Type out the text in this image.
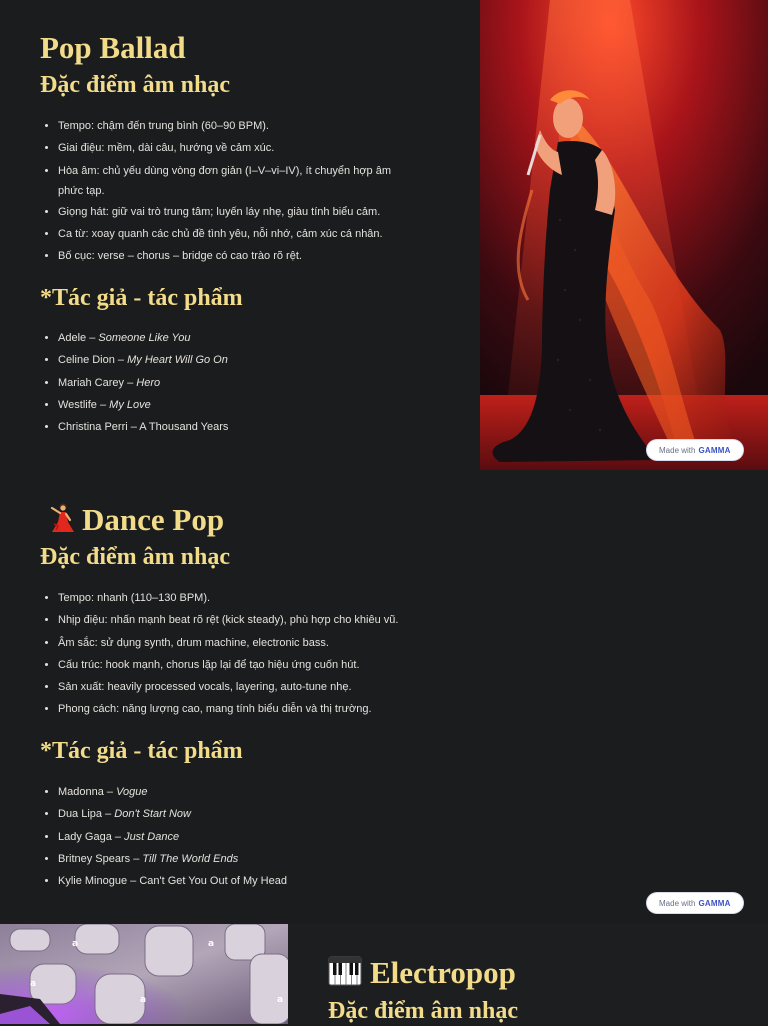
Pop Ballad
Đặc điểm âm nhạc
• Tempo: chậm đến trung bình (60–90 BPM).
• Giai điệu: mềm, dài câu, hướng về cảm xúc.
• Hòa âm: chủ yếu dùng vòng đơn giản (I–V–vi–IV), ít chuyển hợp âm
phức tạp.
• Giọng hát: giữ vai trò trung tâm; luyến láy nhẹ, giàu tính biểu cảm.
• Ca từ: xoay quanh các chủ đề tình yêu, nỗi nhớ, cảm xúc cá nhân.
• Bố cục: verse – chorus – bridge có cao trào rõ rệt.
*Tác giả - tác phẩm
• Adele – Someone Like You
• Celine Dion – My Heart Will Go On
• Mariah Carey – Hero
• Westlife – My Love
• Christina Perri – A Thousand Years
Made with GAMMA
Dance Pop
Đặc điểm âm nhạc
• Tempo: nhanh (110–130 BPM).
• Nhịp điệu: nhấn mạnh beat rõ rệt (kick steady), phù hợp cho khiêu vũ.
• Âm sắc: sử dụng synth, drum machine, electronic bass.
• Cấu trúc: hook mạnh, chorus lặp lại để tạo hiệu ứng cuốn hút.
• Sản xuất: heavily processed vocals, layering, auto-tune nhẹ.
• Phong cách: năng lượng cao, mang tính biểu diễn và thị trường.
*Tác giả - tác phẩm
• Madonna – Vogue
• Dua Lipa – Don't Start Now
• Lady Gaga – Just Dance
• Britney Spears – Till The World Ends
• Kylie Minogue – Can't Get You Out of My Head
Made with GAMMA
a	a
a
a	a
Electropop
Đặc điểm âm nhạc
